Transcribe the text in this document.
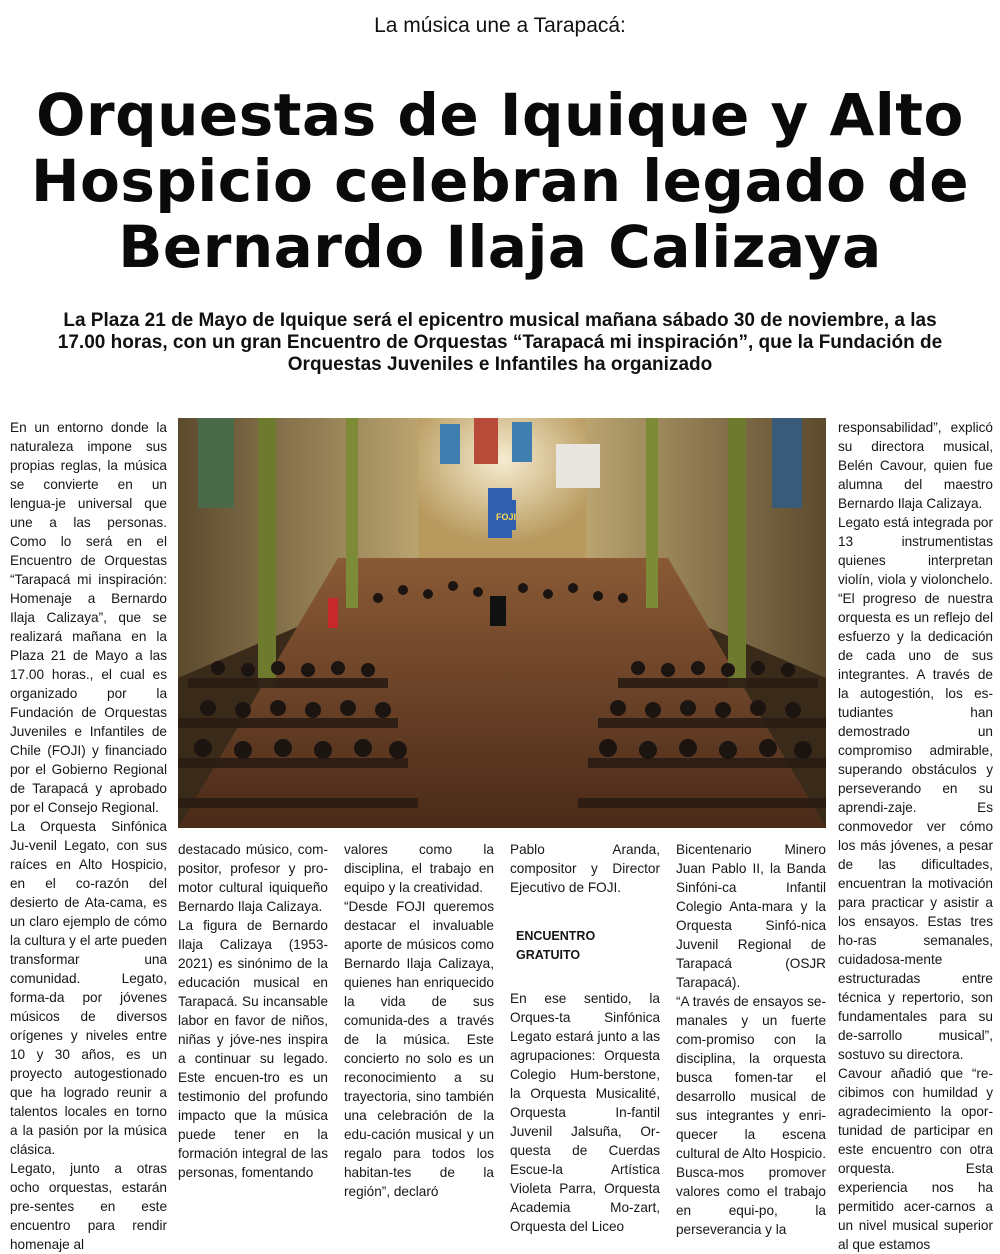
La música une a Tarapacá:
Orquestas de Iquique y Alto
Hospicio celebran legado de
Bernardo Ilaja Calizaya
La Plaza 21 de Mayo de Iquique será el epicentro musical mañana sábado 30 de noviembre, a las 17.00 horas, con un gran Encuentro de Orquestas “Tarapacá mi inspiración”, que la Fundación de Orquestas Juveniles e Infantiles ha organizado

En un entorno donde la naturaleza impone sus propias reglas, la música se convierte en un lengua-je universal que une a las personas. Como lo será en el Encuentro de Orquestas “Tarapacá mi inspiración: Homenaje a Bernardo Ilaja Calizaya”, que se realizará mañana en la Plaza 21 de Mayo a las 17.00 horas., el cual es organizado por la Fundación de Orquestas Juveniles e Infantiles de Chile (FOJI) y financiado por el Gobierno Regional de Tarapacá y aprobado por el Consejo Regional.

La Orquesta Sinfónica Ju-venil Legato, con sus raíces en Alto Hospicio, en el co-razón del desierto de Ata-cama, es un claro ejemplo de cómo la cultura y el arte pueden transformar una comunidad. Legato, forma-da por jóvenes músicos de diversos orígenes y niveles entre 10 y 30 años, es un proyecto autogestionado que ha logrado reunir a talentos locales en torno a la pasión por la música clásica.

Legato, junto a otras ocho orquestas, estarán pre-sentes en este encuentro para rendir homenaje al

FOJI

destacado músico, com-positor, profesor y pro-motor cultural iquiqueño Bernardo Ilaja Calizaya.

La figura de Bernardo Ilaja Calizaya (1953-2021) es sinónimo de la educación musical en Tarapacá. Su incansable labor en favor de niños, niñas y jóve-nes inspira a continuar su legado. Este encuen-tro es un testimonio del profundo impacto que la música puede tener en la formación integral de las personas, fomentando

valores como la disciplina, el trabajo en equipo y la creatividad.

“Desde FOJI queremos destacar el invaluable aporte de músicos como Bernardo Ilaja Calizaya, quienes han enriquecido la vida de sus comunida-des a través de la música. Este concierto no solo es un reconocimiento a su trayectoria, sino también una celebración de la edu-cación musical y un regalo para todos los habitan-tes de la región”, declaró

Pablo Aranda, compositor y Director Ejecutivo de FOJI.

ENCUENTRO GRATUITO

En ese sentido, la Orques-ta Sinfónica Legato estará junto a las agrupaciones: Orquesta Colegio Hum-berstone, la Orquesta Musicalité, Orquesta In-fantil Juvenil Jalsuña, Or-questa de Cuerdas Escue-la Artística Violeta Parra, Orquesta Academia Mo-zart, Orquesta del Liceo

Bicentenario Minero Juan Pablo II, la Banda Sinfóni-ca Infantil Colegio Anta-mara y la Orquesta Sinfó-nica Juvenil Regional de Tarapacá (OSJR Tarapacá).

“A través de ensayos se-manales y un fuerte com-promiso con la disciplina, la orquesta busca fomen-tar el desarrollo musical de sus integrantes y enri-quecer la escena cultural de Alto Hospicio. Busca-mos promover valores como el trabajo en equi-po, la perseverancia y la

responsabilidad”, explicó su directora musical, Belén Cavour, quien fue alumna del maestro Bernardo Ilaja Calizaya.

Legato está integrada por 13 instrumentistas quienes interpretan violín, viola y violonchelo. “El progreso de nuestra orquesta es un reflejo del esfuerzo y la dedicación de cada uno de sus integrantes. A través de la autogestión, los es-tudiantes han demostrado un compromiso admirable, superando obstáculos y perseverando en su aprendi-zaje. Es conmovedor ver cómo los más jóvenes, a pesar de las dificultades, encuentran la motivación para practicar y asistir a los ensayos. Estas tres ho-ras semanales, cuidadosa-mente estructuradas entre técnica y repertorio, son fundamentales para su de-sarrollo musical”, sostuvo su directora.

Cavour añadió que “re-cibimos con humildad y agradecimiento la opor-tunidad de participar en este encuentro con otra orquesta. Esta experiencia nos ha permitido acer-carnos a un nivel musical superior al que estamos
